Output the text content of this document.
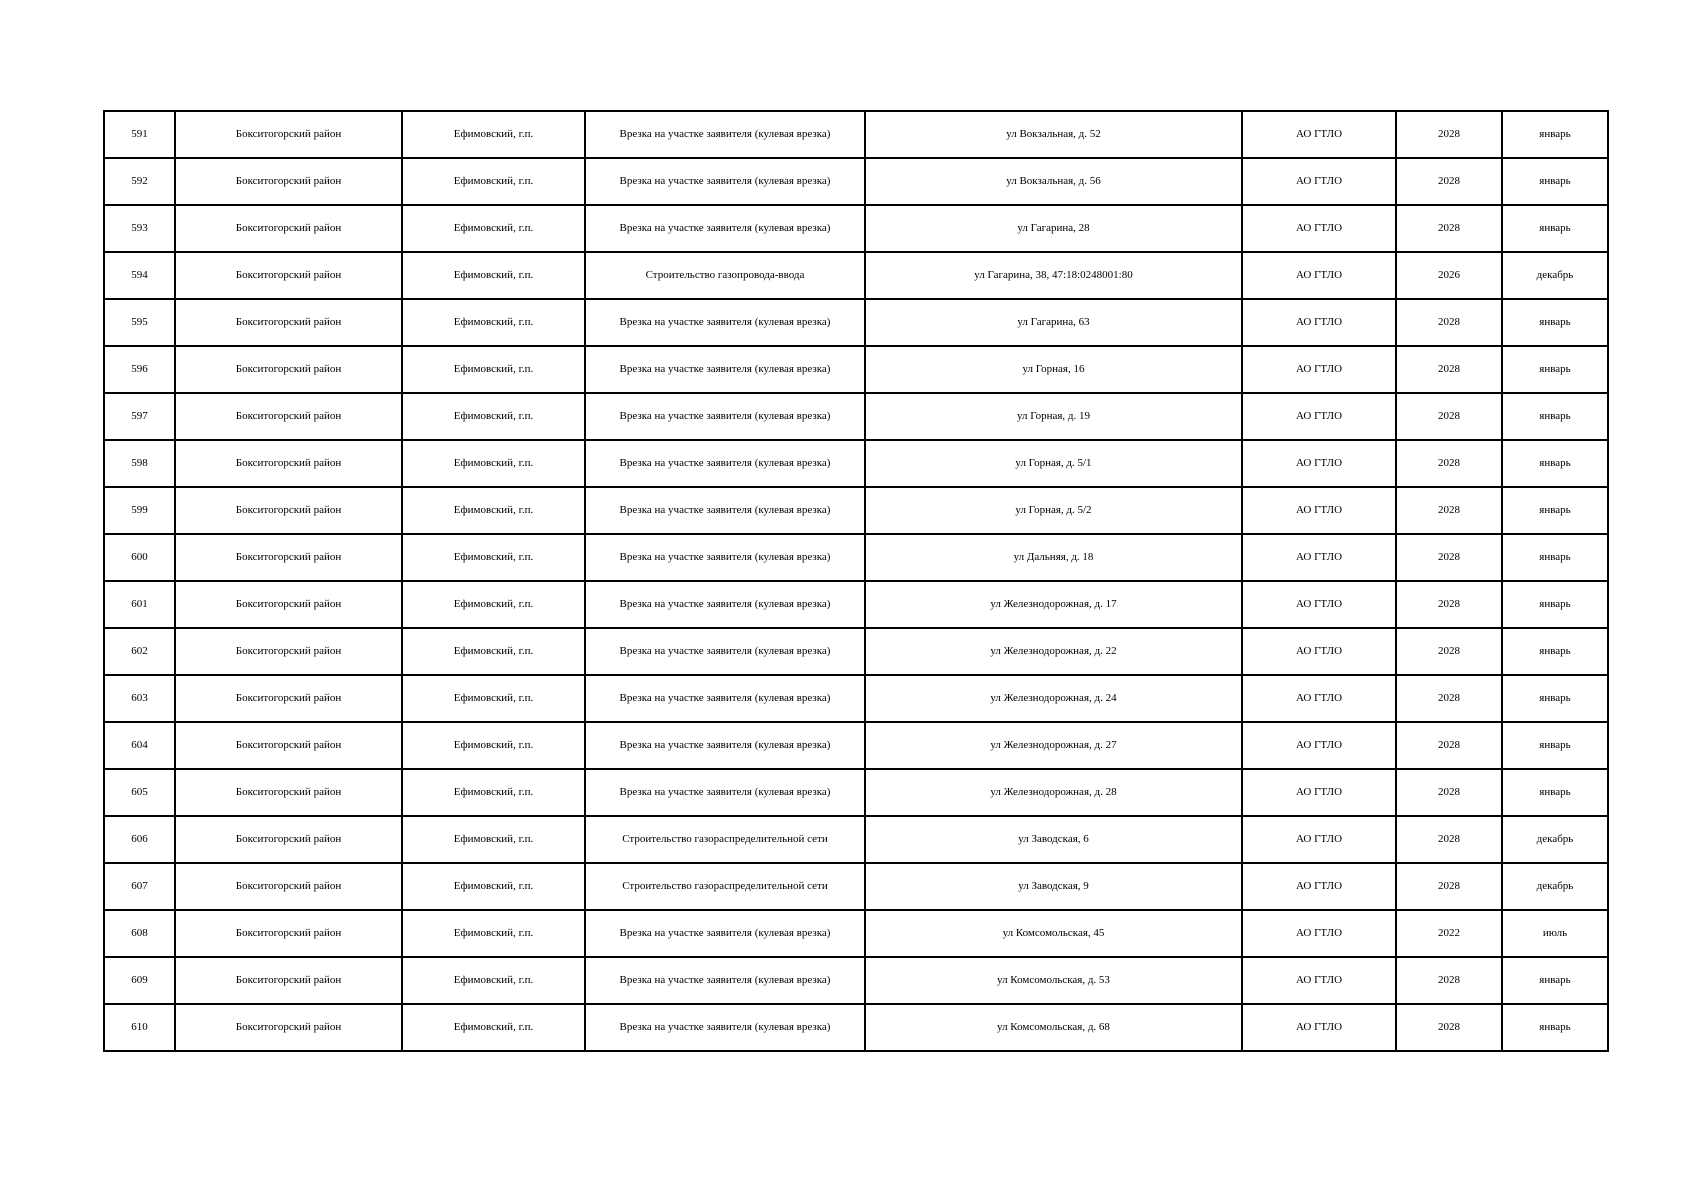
591	Бокситогорский район	Ефимовский, г.п.	Врезка на участке заявителя (кулевая врезка)	ул Вокзальная, д. 52	АО ГТЛО	2028	январь
592	Бокситогорский район	Ефимовский, г.п.	Врезка на участке заявителя (кулевая врезка)	ул Вокзальная, д. 56	АО ГТЛО	2028	январь
593	Бокситогорский район	Ефимовский, г.п.	Врезка на участке заявителя (кулевая врезка)	ул Гагарина, 28	АО ГТЛО	2028	январь
594	Бокситогорский район	Ефимовский, г.п.	Строительство газопровода-ввода	ул Гагарина, 38, 47:18:0248001:80	АО ГТЛО	2026	декабрь
595	Бокситогорский район	Ефимовский, г.п.	Врезка на участке заявителя (кулевая врезка)	ул Гагарина, 63	АО ГТЛО	2028	январь
596	Бокситогорский район	Ефимовский, г.п.	Врезка на участке заявителя (кулевая врезка)	ул Горная, 16	АО ГТЛО	2028	январь
597	Бокситогорский район	Ефимовский, г.п.	Врезка на участке заявителя (кулевая врезка)	ул Горная, д. 19	АО ГТЛО	2028	январь
598	Бокситогорский район	Ефимовский, г.п.	Врезка на участке заявителя (кулевая врезка)	ул Горная, д. 5/1	АО ГТЛО	2028	январь
599	Бокситогорский район	Ефимовский, г.п.	Врезка на участке заявителя (кулевая врезка)	ул Горная, д. 5/2	АО ГТЛО	2028	январь
600	Бокситогорский район	Ефимовский, г.п.	Врезка на участке заявителя (кулевая врезка)	ул Дальняя, д. 18	АО ГТЛО	2028	январь
601	Бокситогорский район	Ефимовский, г.п.	Врезка на участке заявителя (кулевая врезка)	ул Железнодорожная, д. 17	АО ГТЛО	2028	январь
602	Бокситогорский район	Ефимовский, г.п.	Врезка на участке заявителя (кулевая врезка)	ул Железнодорожная, д. 22	АО ГТЛО	2028	январь
603	Бокситогорский район	Ефимовский, г.п.	Врезка на участке заявителя (кулевая врезка)	ул Железнодорожная, д. 24	АО ГТЛО	2028	январь
604	Бокситогорский район	Ефимовский, г.п.	Врезка на участке заявителя (кулевая врезка)	ул Железнодорожная, д. 27	АО ГТЛО	2028	январь
605	Бокситогорский район	Ефимовский, г.п.	Врезка на участке заявителя (кулевая врезка)	ул Железнодорожная, д. 28	АО ГТЛО	2028	январь
606	Бокситогорский район	Ефимовский, г.п.	Строительство газораспределительной сети	ул Заводская, 6	АО ГТЛО	2028	декабрь
607	Бокситогорский район	Ефимовский, г.п.	Строительство газораспределительной сети	ул Заводская, 9	АО ГТЛО	2028	декабрь
608	Бокситогорский район	Ефимовский, г.п.	Врезка на участке заявителя (кулевая врезка)	ул Комсомольская, 45	АО ГТЛО	2022	июль
609	Бокситогорский район	Ефимовский, г.п.	Врезка на участке заявителя (кулевая врезка)	ул Комсомольская, д. 53	АО ГТЛО	2028	январь
610	Бокситогорский район	Ефимовский, г.п.	Врезка на участке заявителя (кулевая врезка)	ул Комсомольская, д. 68	АО ГТЛО	2028	январь
